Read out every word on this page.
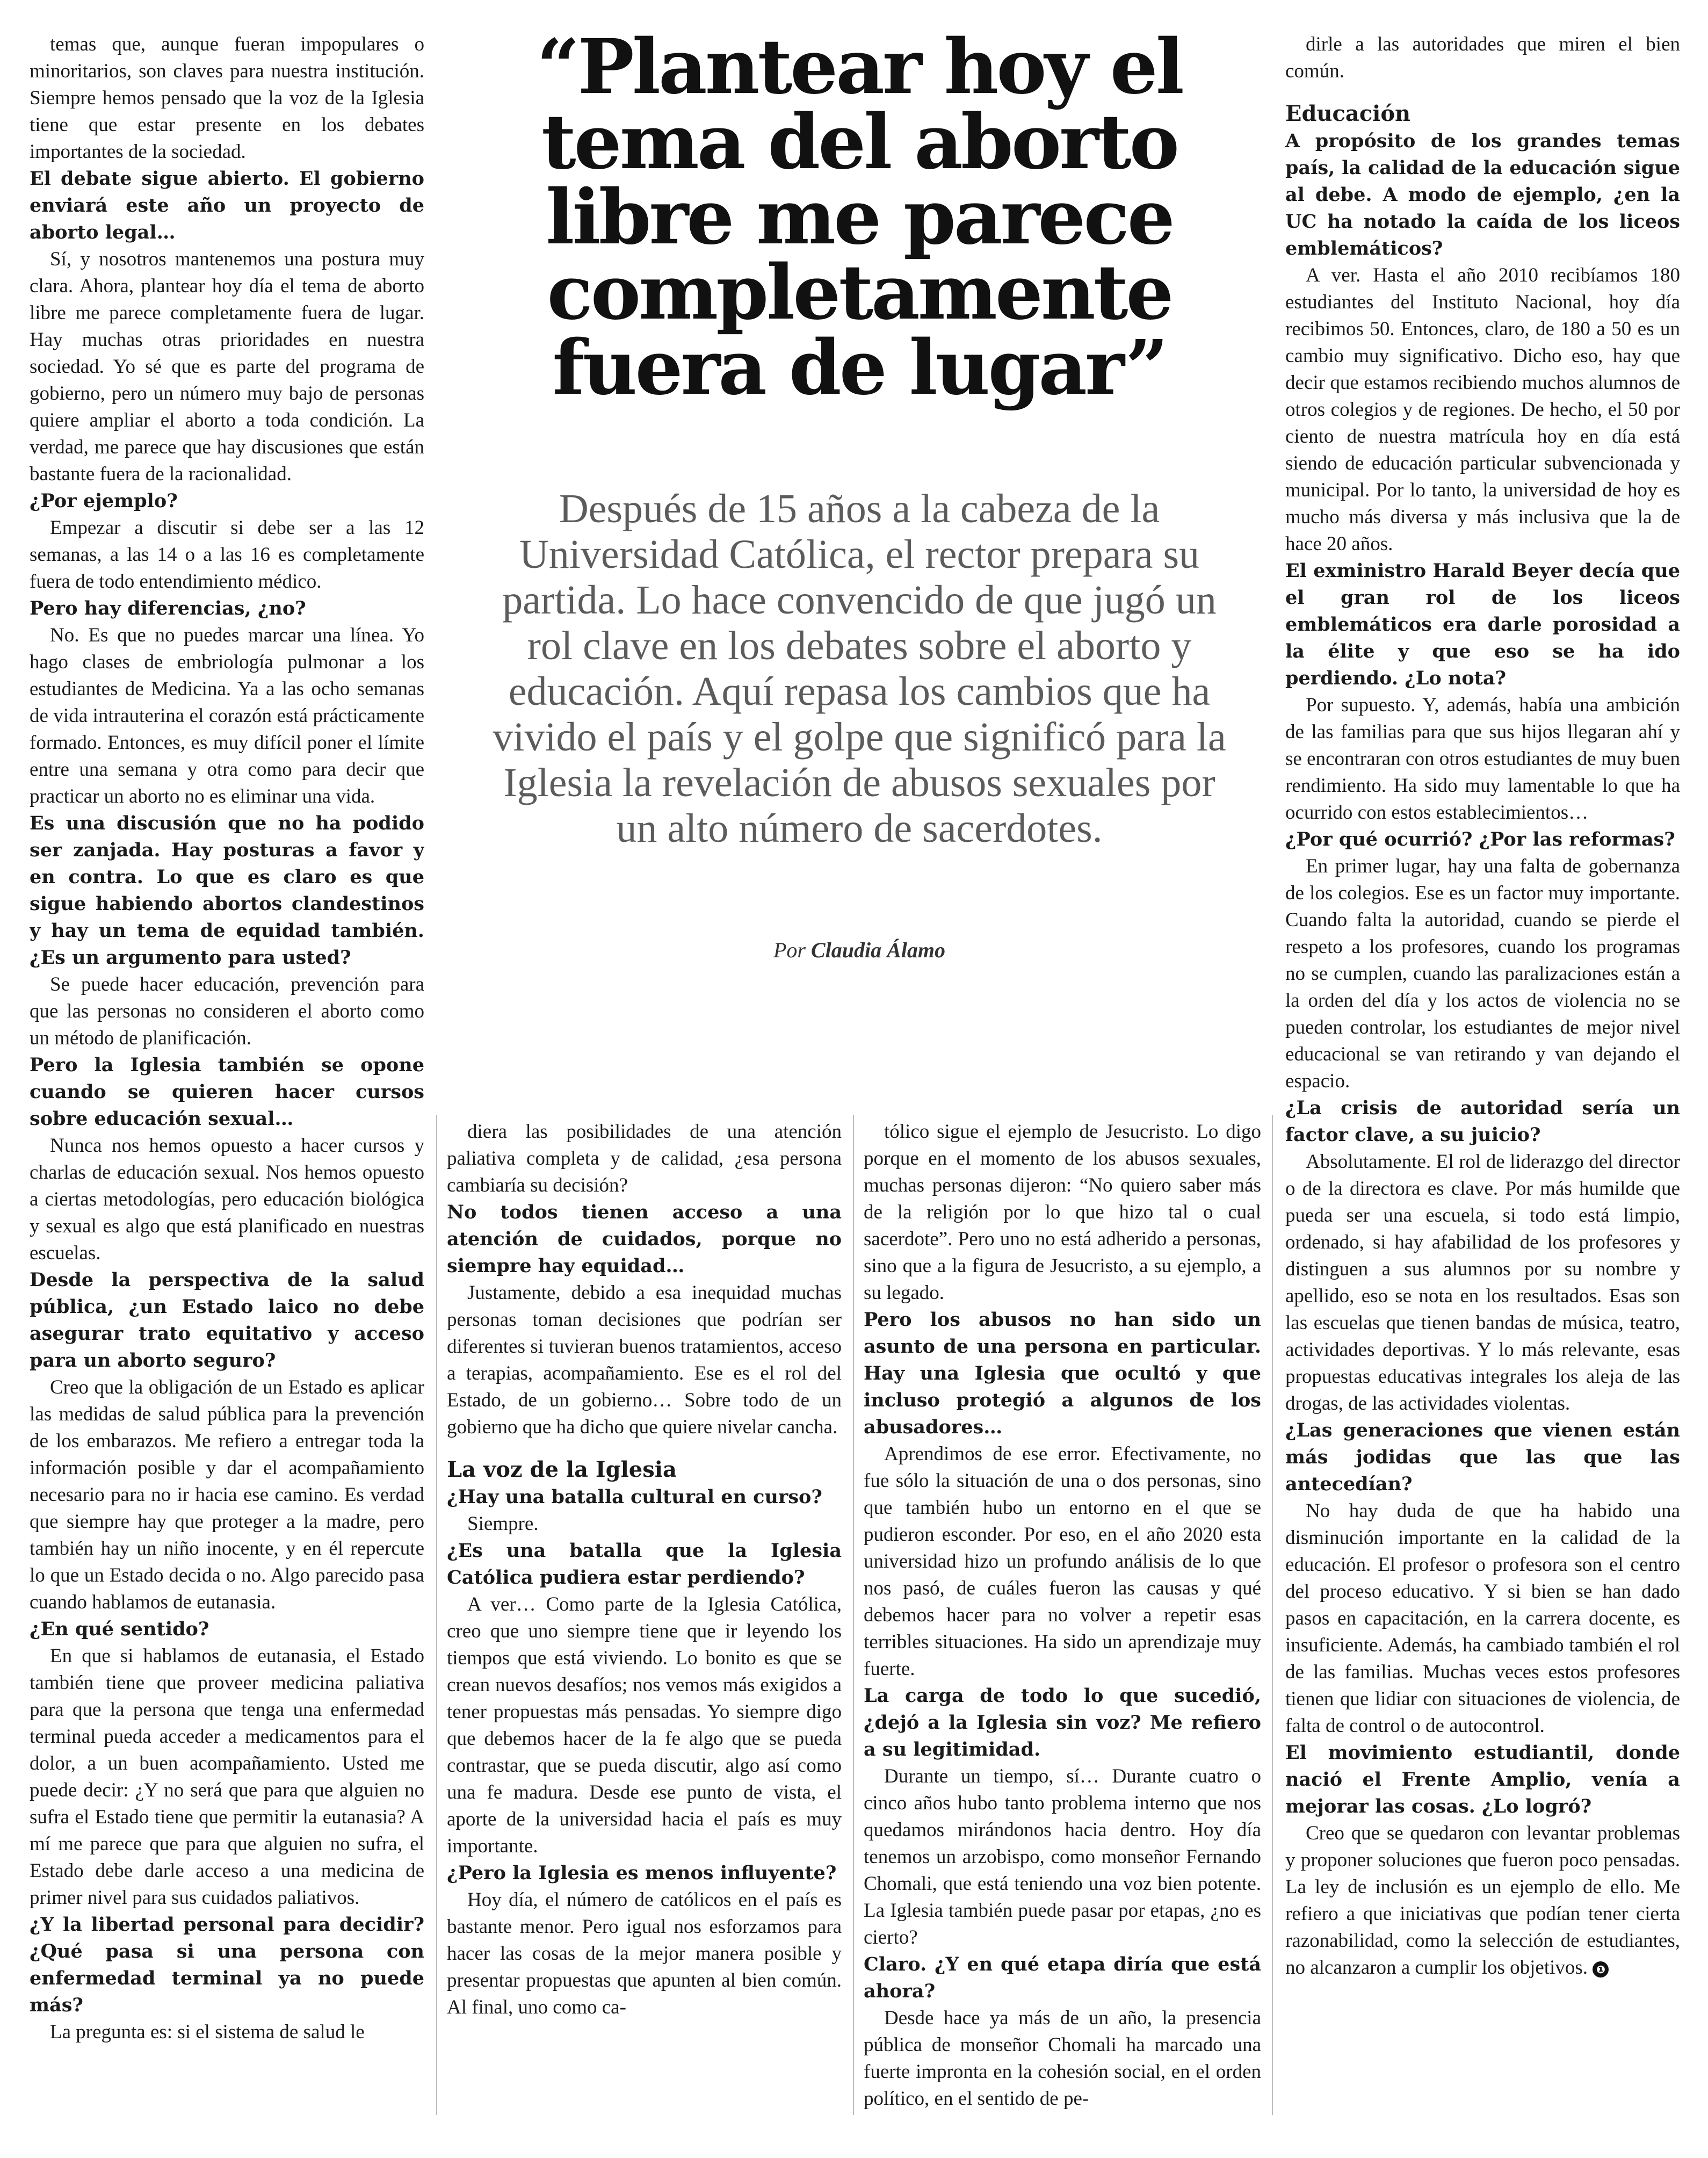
temas que, aunque fueran impopulares o minoritarios, son claves para nuestra institución. Siempre hemos pensado que la voz de la Iglesia tiene que estar presente en los debates importantes de la sociedad.

El debate sigue abierto. El gobierno enviará este año un proyecto de aborto legal…

Sí, y nosotros mantenemos una postura muy clara. Ahora, plantear hoy día el tema de aborto libre me parece completamente fuera de lugar. Hay muchas otras prioridades en nuestra sociedad. Yo sé que es parte del programa de gobierno, pero un número muy bajo de personas quiere ampliar el aborto a toda condición. La verdad, me parece que hay discusiones que están bastante fuera de la racionalidad.

¿Por ejemplo?

Empezar a discutir si debe ser a las 12 semanas, a las 14 o a las 16 es completamente fuera de todo entendimiento médico.

Pero hay diferencias, ¿no?

No. Es que no puedes marcar una línea. Yo hago clases de embriología pulmonar a los estudiantes de Medicina. Ya a las ocho semanas de vida intrauterina el corazón está prácticamente formado. Entonces, es muy difícil poner el límite entre una semana y otra como para decir que practicar un aborto no es eliminar una vida.

Es una discusión que no ha podido ser zanjada. Hay posturas a favor y en contra. Lo que es claro es que sigue habiendo abortos clandestinos y hay un tema de equidad también. ¿Es un argumento para usted?

Se puede hacer educación, prevención para que las personas no consideren el aborto como un método de planificación.

Pero la Iglesia también se opone cuando se quieren hacer cursos sobre educación sexual…

Nunca nos hemos opuesto a hacer cursos y charlas de educación sexual. Nos hemos opuesto a ciertas metodologías, pero educación biológica y sexual es algo que está planificado en nuestras escuelas.

Desde la perspectiva de la salud pública, ¿un Estado laico no debe asegurar trato equitativo y acceso para un aborto seguro?

Creo que la obligación de un Estado es aplicar las medidas de salud pública para la prevención de los embarazos. Me refiero a entregar toda la información posible y dar el acompañamiento necesario para no ir hacia ese camino. Es verdad que siempre hay que proteger a la madre, pero también hay un niño inocente, y en él repercute lo que un Estado decida o no. Algo parecido pasa cuando hablamos de eutanasia.

¿En qué sentido?

En que si hablamos de eutanasia, el Estado también tiene que proveer medicina paliativa para que la persona que tenga una enfermedad terminal pueda acceder a medicamentos para el dolor, a un buen acompañamiento. Usted me puede decir: ¿Y no será que para que alguien no sufra el Estado tiene que permitir la eutanasia? A mí me parece que para que alguien no sufra, el Estado debe darle acceso a una medicina de primer nivel para sus cuidados paliativos.

¿Y la libertad personal para decidir? ¿Qué pasa si una persona con enfermedad terminal ya no puede más?

La pregunta es: si el sistema de salud le

diera las posibilidades de una atención paliativa completa y de calidad, ¿esa persona cambiaría su decisión?

No todos tienen acceso a una atención de cuidados, porque no siempre hay equidad…

Justamente, debido a esa inequidad muchas personas toman decisiones que podrían ser diferentes si tuvieran buenos tratamientos, acceso a terapias, acompañamiento. Ese es el rol del Estado, de un gobierno… Sobre todo de un gobierno que ha dicho que quiere nivelar cancha.

La voz de la Iglesia

¿Hay una batalla cultural en curso?

Siempre.

¿Es una batalla que la Iglesia Católica pudiera estar perdiendo?

A ver… Como parte de la Iglesia Católica, creo que uno siempre tiene que ir leyendo los tiempos que está viviendo. Lo bonito es que se crean nuevos desafíos; nos vemos más exigidos a tener propuestas más pensadas. Yo siempre digo que debemos hacer de la fe algo que se pueda contrastar, que se pueda discutir, algo así como una fe madura. Desde ese punto de vista, el aporte de la universidad hacia el país es muy importante.

¿Pero la Iglesia es menos influyente?

Hoy día, el número de católicos en el país es bastante menor. Pero igual nos esforzamos para hacer las cosas de la mejor manera posible y presentar propuestas que apunten al bien común. Al final, uno como ca-

tólico sigue el ejemplo de Jesucristo. Lo digo porque en el momento de los abusos sexuales, muchas personas dijeron: “No quiero saber más de la religión por lo que hizo tal o cual sacerdote”. Pero uno no está adherido a personas, sino que a la figura de Jesucristo, a su ejemplo, a su legado.

Pero los abusos no han sido un asunto de una persona en particular. Hay una Iglesia que ocultó y que incluso protegió a algunos de los abusadores…

Aprendimos de ese error. Efectivamente, no fue sólo la situación de una o dos personas, sino que también hubo un entorno en el que se pudieron esconder. Por eso, en el año 2020 esta universidad hizo un profundo análisis de lo que nos pasó, de cuáles fueron las causas y qué debemos hacer para no volver a repetir esas terribles situaciones. Ha sido un aprendizaje muy fuerte.

La carga de todo lo que sucedió, ¿dejó a la Iglesia sin voz? Me refiero a su legitimidad.

Durante un tiempo, sí… Durante cuatro o cinco años hubo tanto problema interno que nos quedamos mirándonos hacia dentro. Hoy día tenemos un arzobispo, como monseñor Fernando Chomali, que está teniendo una voz bien potente. La Iglesia también puede pasar por etapas, ¿no es cierto?

Claro. ¿Y en qué etapa diría que está ahora?

Desde hace ya más de un año, la presencia pública de monseñor Chomali ha marcado una fuerte impronta en la cohesión social, en el orden político, en el sentido de pe-

dirle a las autoridades que miren el bien común.

Educación

A propósito de los grandes temas país, la calidad de la educación sigue al debe. A modo de ejemplo, ¿en la UC ha notado la caída de los liceos emblemáticos?

A ver. Hasta el año 2010 recibíamos 180 estudiantes del Instituto Nacional, hoy día recibimos 50. Entonces, claro, de 180 a 50 es un cambio muy significativo. Dicho eso, hay que decir que estamos recibiendo muchos alumnos de otros colegios y de regiones. De hecho, el 50 por ciento de nuestra matrícula hoy en día está siendo de educación particular subvencionada y municipal. Por lo tanto, la universidad de hoy es mucho más diversa y más inclusiva que la de hace 20 años.

El exministro Harald Beyer decía que el gran rol de los liceos emblemáticos era darle porosidad a la élite y que eso se ha ido perdiendo. ¿Lo nota?

Por supuesto. Y, además, había una ambición de las familias para que sus hijos llegaran ahí y se encontraran con otros estudiantes de muy buen rendimiento. Ha sido muy lamentable lo que ha ocurrido con estos establecimientos…

¿Por qué ocurrió? ¿Por las reformas?

En primer lugar, hay una falta de gobernanza de los colegios. Ese es un factor muy importante. Cuando falta la autoridad, cuando se pierde el respeto a los profesores, cuando los programas no se cumplen, cuando las paralizaciones están a la orden del día y los actos de violencia no se pueden controlar, los estudiantes de mejor nivel educacional se van retirando y van dejando el espacio.

¿La crisis de autoridad sería un factor clave, a su juicio?

Absolutamente. El rol de liderazgo del director o de la directora es clave. Por más humilde que pueda ser una escuela, si todo está limpio, ordenado, si hay afabilidad de los profesores y distinguen a sus alumnos por su nombre y apellido, eso se nota en los resultados. Esas son las escuelas que tienen bandas de música, teatro, actividades deportivas. Y lo más relevante, esas propuestas educativas integrales los aleja de las drogas, de las actividades violentas.

¿Las generaciones que vienen están más jodidas que las que las antecedían?

No hay duda de que ha habido una disminución importante en la calidad de la educación. El profesor o profesora son el centro del proceso educativo. Y si bien se han dado pasos en capacitación, en la carrera docente, es insuficiente. Además, ha cambiado también el rol de las familias. Muchas veces estos profesores tienen que lidiar con situaciones de violencia, de falta de control o de autocontrol.

El movimiento estudiantil, donde nació el Frente Amplio, venía a mejorar las cosas. ¿Lo logró?

Creo que se quedaron con levantar problemas y proponer soluciones que fueron poco pensadas. La ley de inclusión es un ejemplo de ello. Me refiero a que iniciativas que podían tener cierta razonabilidad, como la selección de estudiantes, no alcanzaron a cumplir los objetivos. ❶

“Plantear hoy el tema del aborto libre me parece completamente fuera de lugar”

Después de 15 años a la cabeza de la Universidad Católica, el rector prepara su partida. Lo hace convencido de que jugó un rol clave en los debates sobre el aborto y educación. Aquí repasa los cambios que ha vivido el país y el golpe que significó para la Iglesia la revelación de abusos sexuales por un alto número de sacerdotes.

Por Claudia Álamo
